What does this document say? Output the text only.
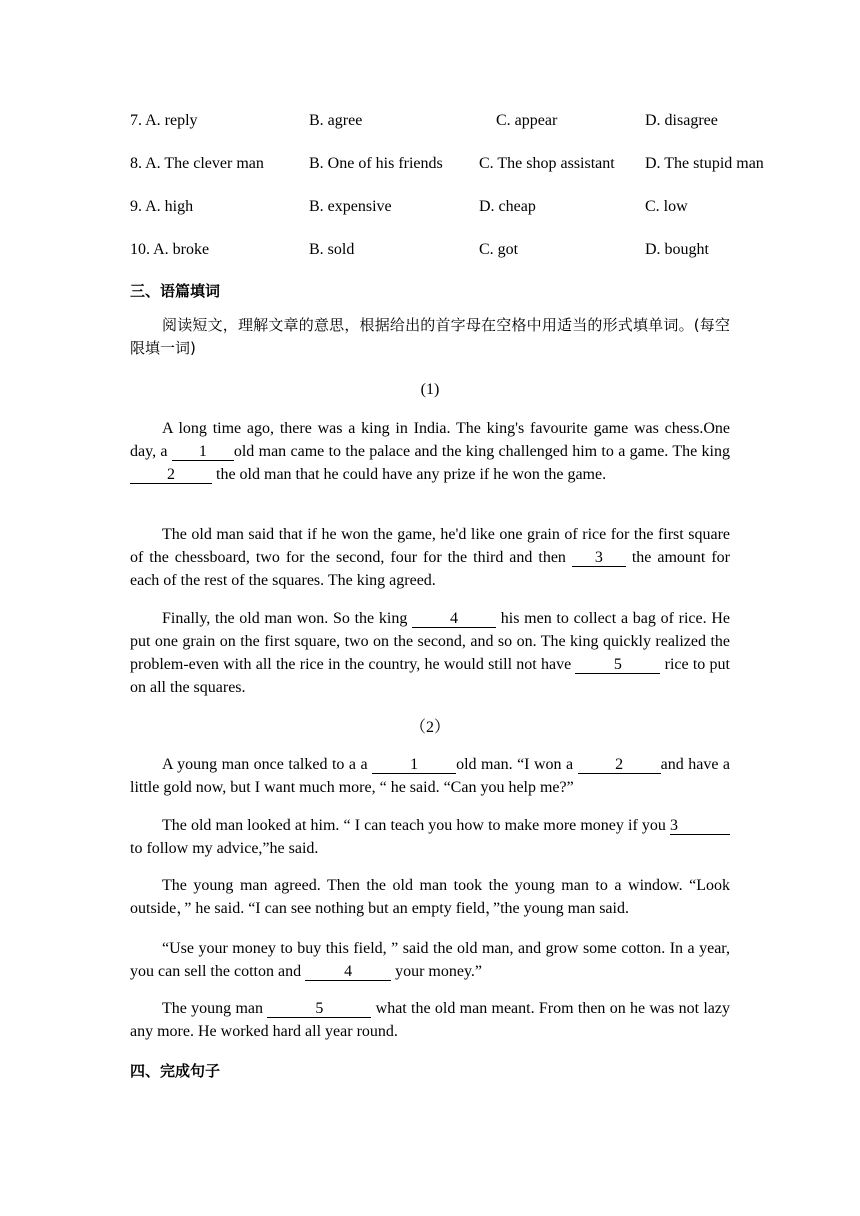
7. A. reply	B. agree	C. appear	D. disagree
8. A. The clever man	B. One of his friends C. The shop assistant D. The stupid man
9. A. high	B. expensive	D. cheap	C. low
10. A. broke	B. sold	C. got	D. bought
三、语篇填词
阅读短文，理解文章的意思，根据给出的首字母在空格中用适当的形式填单词。(每空限填一词)
(1)
A long time ago, there was a king in India. The king's favourite game was chess.One day, a 1 old man came to the palace and the king challenged him to a game. The king 2 the old man that he could have any prize if he won the game.
The old man said that if he won the game, he'd like one grain of rice for the first square of the chessboard, two for the second, four for the third and then 3 the amount for each of the rest of the squares. The king agreed.
Finally, the old man won. So the king 4 his men to collect a bag of rice. He put one grain on the first square, two on the second, and so on. The king quickly realized the problem-even with all the rice in the country, he would still not have 5 rice to put on all the squares.
（2）
A young man once talked to a a 1 old man. “I won a 2 and have a little gold now, but I want much more, “ he said. “Can you help me?”
The old man looked at him. “ I can teach you how to make more money if you 3to follow my advice,”he said.
The young man agreed. Then the old man took the young man to a window. “Look outside，” he said. “I can see nothing but an empty field，”the young man said.
“Use your money to buy this field, ” said the old man, and grow some cotton. In a year, you can sell the cotton and 4 your money.”
The young man	5	what the old man meant. From then on he was not lazy any more. He worked hard all year round.
四、完成句子
